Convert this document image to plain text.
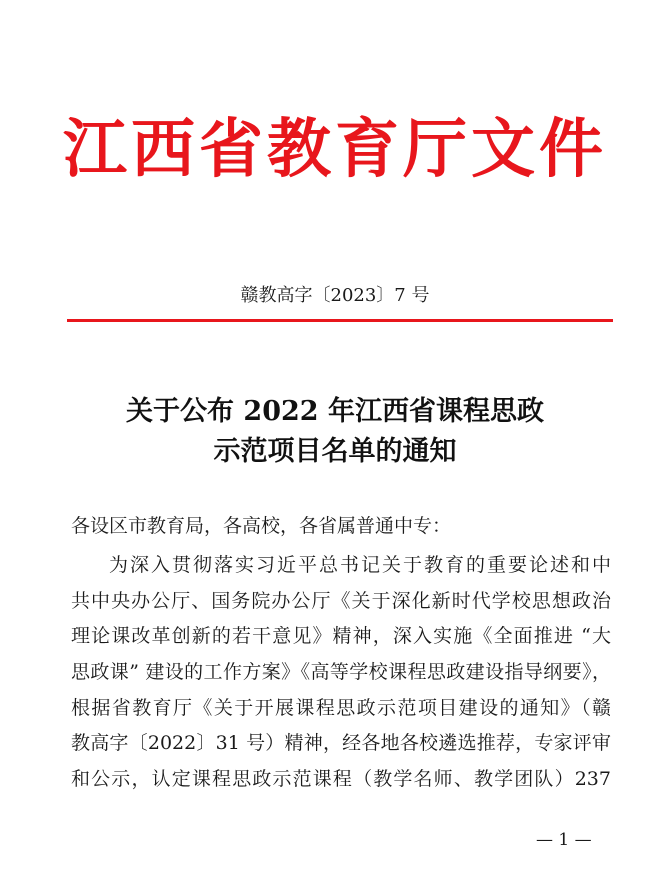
江西省教育厅文件
赣教高字〔2023〕7 号
关于公布 2022 年江西省课程思政
示范项目名单的通知
各设区市教育局，各高校，各省属普通中专：
为深入贯彻落实习近平总书记关于教育的重要论述和中
共中央办公厅、国务院办公厅《关于深化新时代学校思想政治
理论课改革创新的若干意见》精神，深入实施《全面推进 “大
思政课” 建设的工作方案》《高等学校课程思政建设指导纲要》，
根据省教育厅《关于开展课程思政示范项目建设的通知》（赣
教高字〔2022〕31 号）精神，经各地各校遴选推荐，专家评审
和公示，认定课程思政示范课程（教学名师、教学团队）237
— 1 —
